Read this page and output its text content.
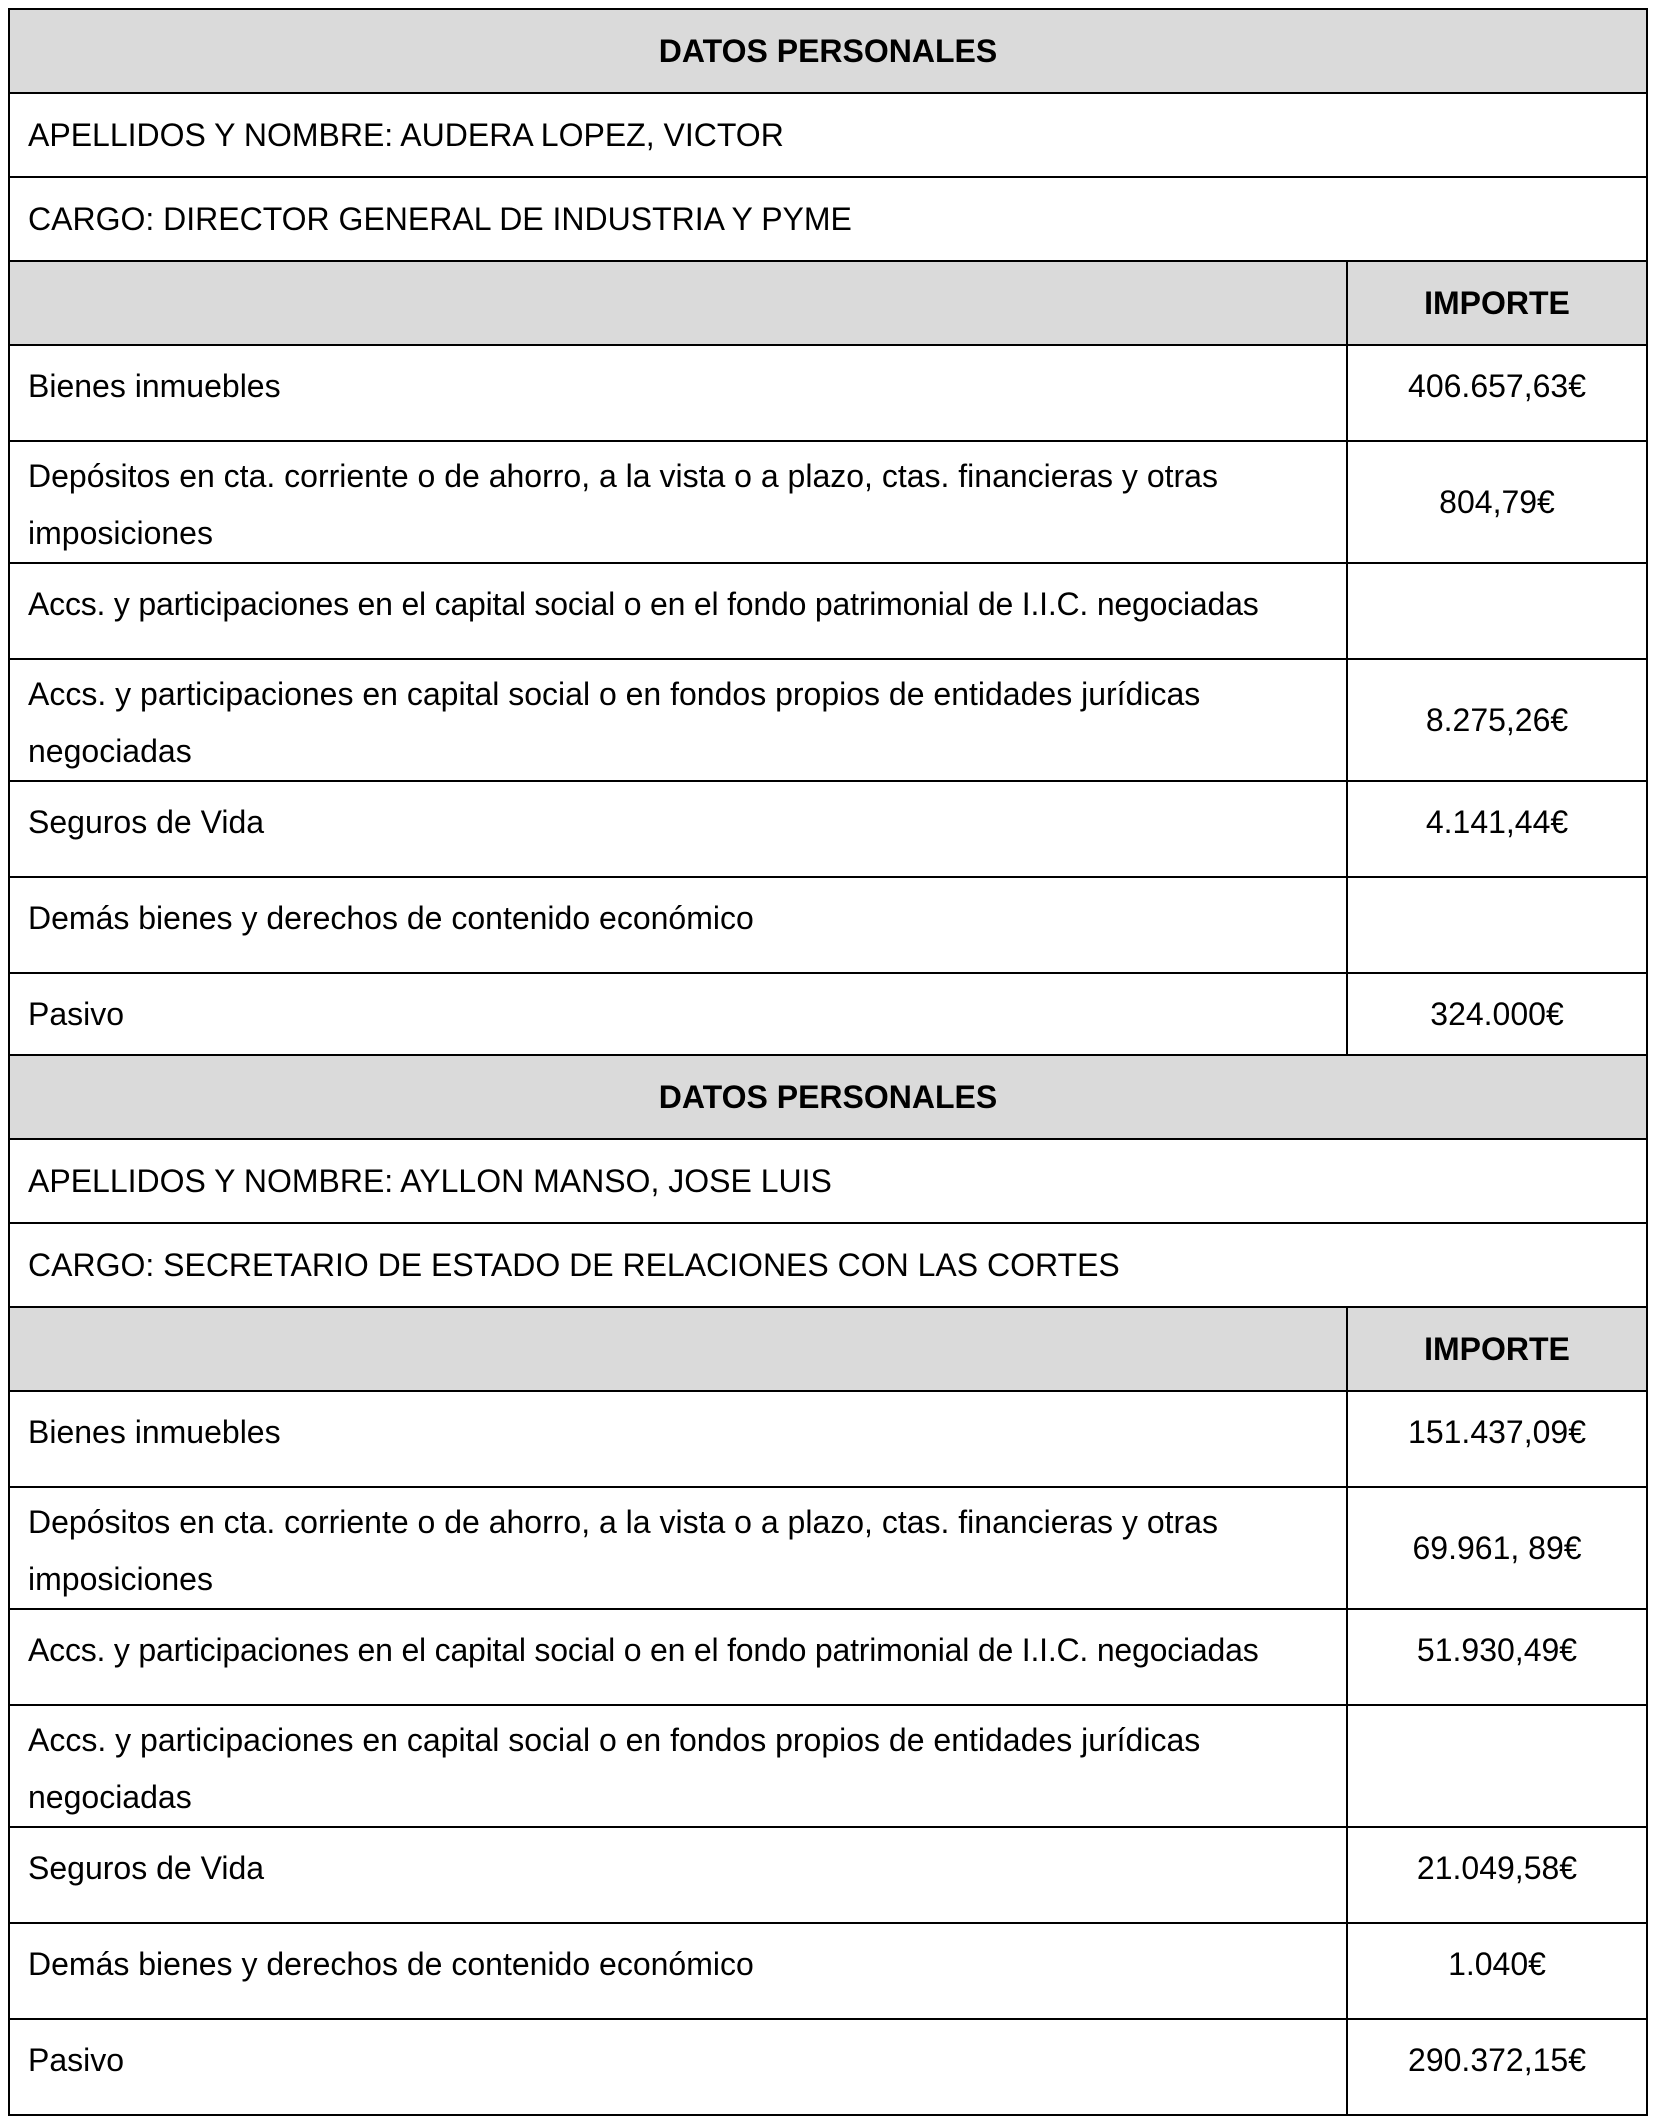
DATOS PERSONALES	
APELLIDOS Y NOMBRE: AUDERA LOPEZ, VICTOR	
CARGO: DIRECTOR GENERAL DE INDUSTRIA Y PYME	
	IMPORTE
Bienes inmuebles	406.657,63€
Depósitos en cta. corriente o de ahorro, a la vista o a plazo, ctas. financieras y otras imposiciones	804,79€
Accs. y participaciones en el capital social o en el fondo patrimonial de I.I.C. negociadas	
Accs. y participaciones en capital social o en fondos propios de entidades jurídicas negociadas	8.275,26€
Seguros de Vida	4.141,44€
Demás bienes y derechos de contenido económico	
Pasivo	324.000€
DATOS PERSONALES	
APELLIDOS Y NOMBRE: AYLLON MANSO, JOSE LUIS	
CARGO: SECRETARIO DE ESTADO DE RELACIONES CON LAS CORTES	
	IMPORTE
Bienes inmuebles	151.437,09€
Depósitos en cta. corriente o de ahorro, a la vista o a plazo, ctas. financieras y otras imposiciones	69.961, 89€
Accs. y participaciones en el capital social o en el fondo patrimonial de I.I.C. negociadas	51.930,49€
Accs. y participaciones en capital social o en fondos propios de entidades jurídicas negociadas	
Seguros de Vida	21.049,58€
Demás bienes y derechos de contenido económico	1.040€
Pasivo	290.372,15€
